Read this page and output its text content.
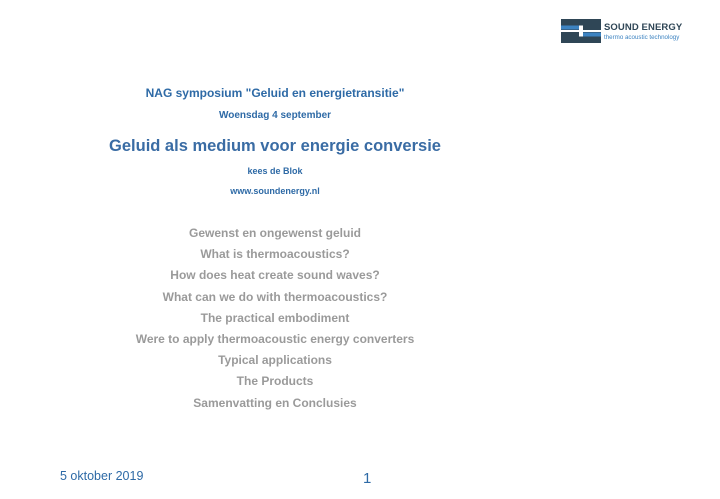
SOUND ENERGY
thermo acoustic technology
NAG symposium "Geluid en energietransitie"
Woensdag 4 september
Geluid als medium voor energie conversie
kees de Blok
www.soundenergy.nl
Gewenst en ongewenst geluid
What is thermoacoustics?
How does heat create sound waves?
What can we do with thermoacoustics?
The practical embodiment
Were to apply thermoacoustic energy converters
Typical applications
The Products
Samenvatting en Conclusies
5 oktober 2019	1
